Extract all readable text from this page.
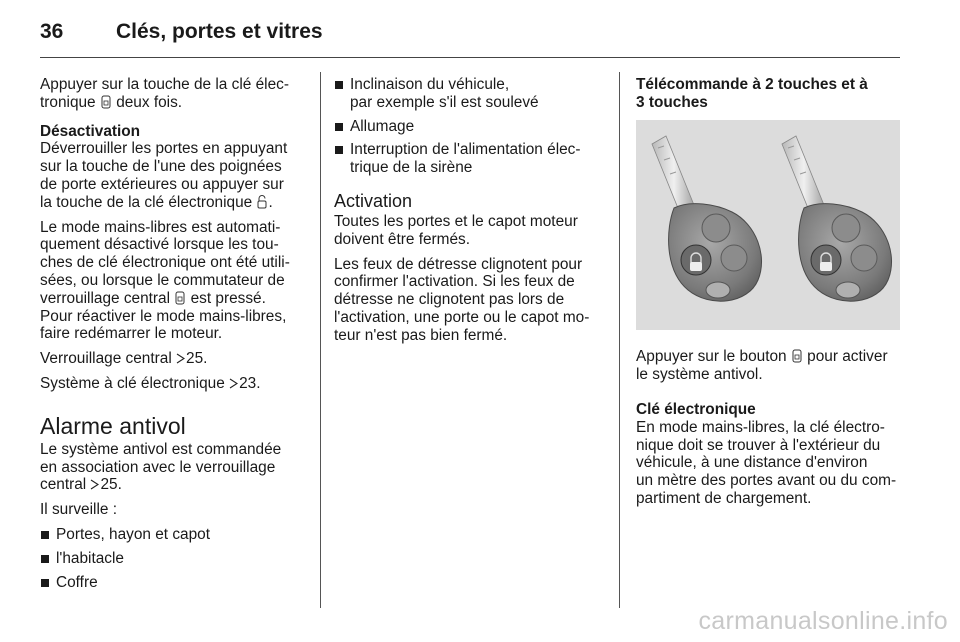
36	Clés, portes et vitres

Appuyer sur la touche de la clé élec-
tronique deux fois.

Désactivation

Déverrouiller les portes en appuyant
sur la touche de l'une des poignées
de porte extérieures ou appuyer sur
la touche de la clé électronique .

Le mode mains-libres est automati-
quement désactivé lorsque les tou-
ches de clé électronique ont été utili-
sées, ou lorsque le commutateur de
verrouillage central est pressé.
Pour réactiver le mode mains-libres,
faire redémarrer le moteur.

Verrouillage central 25.

Système à clé électronique 23.

Alarme antivol

Le système antivol est commandée
en association avec le verrouillage
central 25.

Il surveille :

Portes, hayon et capot
l'habitacle
Coffre
Inclinaison du véhicule,
par exemple s'il est soulevé
Allumage
Interruption de l'alimentation élec-
trique de la sirène
Activation

Toutes les portes et le capot moteur
doivent être fermés.

Les feux de détresse clignotent pour
confirmer l'activation. Si les feux de
détresse ne clignotent pas lors de
l'activation, une porte ou le capot mo-
teur n'est pas bien fermé.

Télécommande à 2 touches et à
3 touches

Appuyer sur le bouton pour activer
le système antivol.

Clé électronique

En mode mains-libres, la clé électro-
nique doit se trouver à l'extérieur du
véhicule, à une distance d'environ
un mètre des portes avant ou du com-
partiment de chargement.

carmanualsonline.info
